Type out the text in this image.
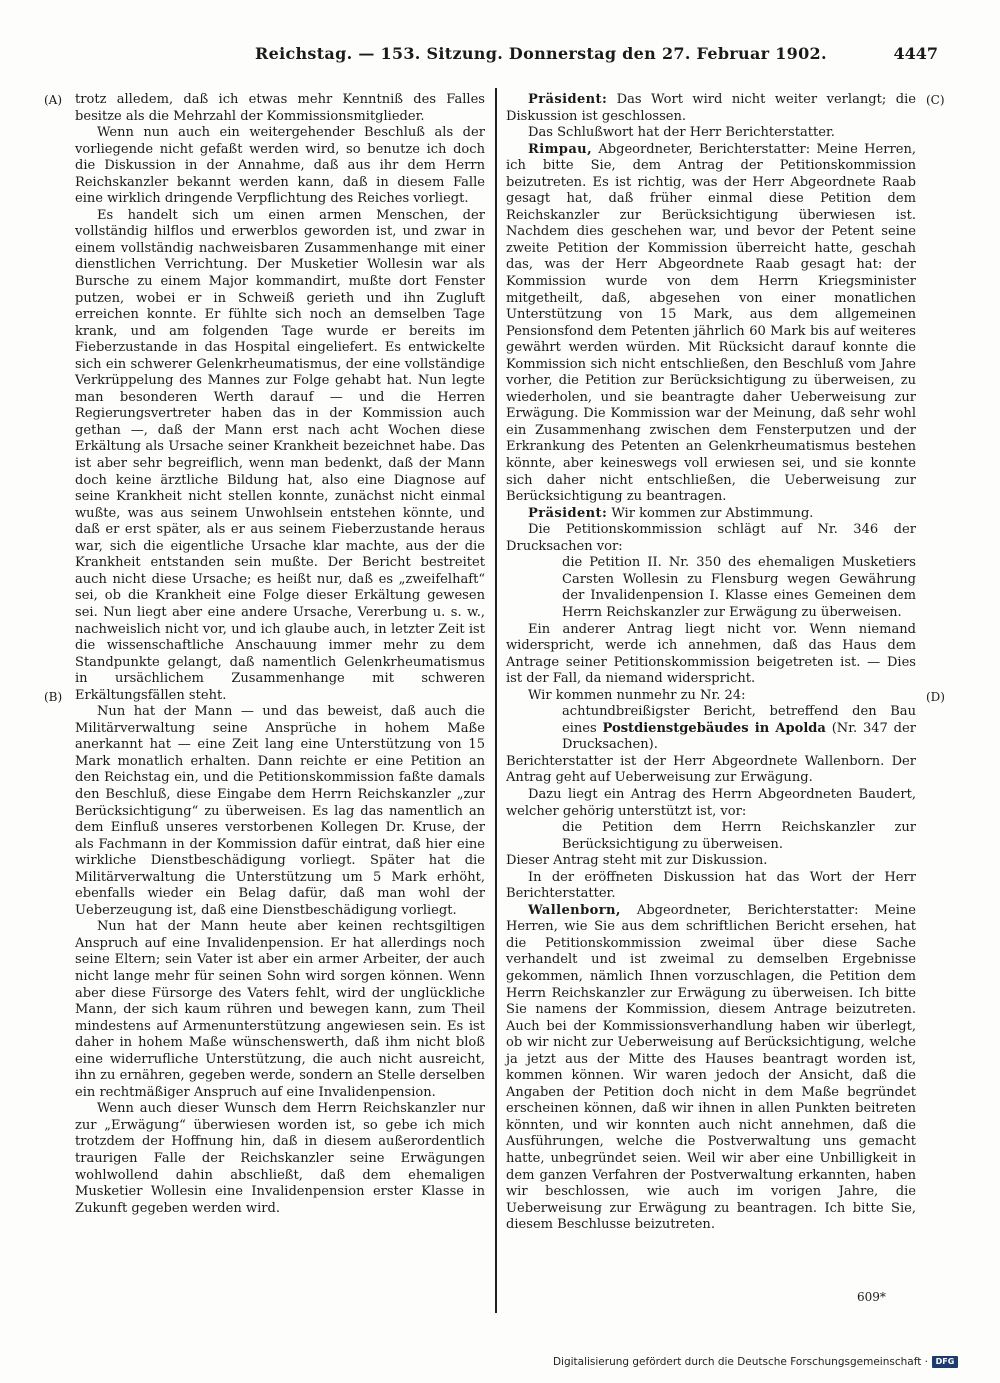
Reichstag. — 153. Sitzung. Donnerstag den 27. Februar 1902.	4447
(A)
(B)
(C)
(D)

trotz alledem, daß ich etwas mehr Kenntniß des Falles besitze als die Mehrzahl der Kommissionsmitglieder.

Wenn nun auch ein weitergehender Beschluß als der vorliegende nicht gefaßt werden wird, so benutze ich doch die Diskussion in der Annahme, daß aus ihr dem Herrn Reichskanzler bekannt werden kann, daß in diesem Falle eine wirklich dringende Verpflichtung des Reiches vorliegt.

Es handelt sich um einen armen Menschen, der vollständig hilflos und erwerblos geworden ist, und zwar in einem vollständig nachweisbaren Zusammenhange mit einer dienstlichen Verrichtung. Der Musketier Wollesin war als Bursche zu einem Major kommandirt, mußte dort Fenster putzen, wobei er in Schweiß gerieth und ihn Zugluft erreichen konnte. Er fühlte sich noch an demselben Tage krank, und am folgenden Tage wurde er bereits im Fieberzustande in das Hospital eingeliefert. Es entwickelte sich ein schwerer Gelenkrheumatismus, der eine vollständige Verkrüppelung des Mannes zur Folge gehabt hat. Nun legte man besonderen Werth darauf — und die Herren Regierungsvertreter haben das in der Kommission auch gethan —, daß der Mann erst nach acht Wochen diese Erkältung als Ursache seiner Krankheit bezeichnet habe. Das ist aber sehr begreiflich, wenn man bedenkt, daß der Mann doch keine ärztliche Bildung hat, also eine Diagnose auf seine Krankheit nicht stellen konnte, zunächst nicht einmal wußte, was aus seinem Unwohlsein entstehen könnte, und daß er erst später, als er aus seinem Fieberzustande heraus war, sich die eigentliche Ursache klar machte, aus der die Krankheit entstanden sein mußte. Der Bericht bestreitet auch nicht diese Ursache; es heißt nur, daß es „zweifelhaft“ sei, ob die Krankheit eine Folge dieser Erkältung gewesen sei. Nun liegt aber eine andere Ursache, Vererbung u. s. w., nachweislich nicht vor, und ich glaube auch, in letzter Zeit ist die wissenschaftliche Anschauung immer mehr zu dem Standpunkte gelangt, daß namentlich Gelenkrheumatismus in ursächlichem Zusammenhange mit schweren Erkältungsfällen steht.

Nun hat der Mann — und das beweist, daß auch die Militärverwaltung seine Ansprüche in hohem Maße anerkannt hat — eine Zeit lang eine Unterstützung von 15 Mark monatlich erhalten. Dann reichte er eine Petition an den Reichstag ein, und die Petitionskommission faßte damals den Beschluß, diese Eingabe dem Herrn Reichskanzler „zur Berücksichtigung“ zu überweisen. Es lag das namentlich an dem Einfluß unseres verstorbenen Kollegen Dr. Kruse, der als Fachmann in der Kommission dafür eintrat, daß hier eine wirkliche Dienstbeschädigung vorliegt. Später hat die Militärverwaltung die Unterstützung um 5 Mark erhöht, ebenfalls wieder ein Belag dafür, daß man wohl der Ueberzeugung ist, daß eine Dienstbeschädigung vorliegt.

Nun hat der Mann heute aber keinen rechtsgiltigen Anspruch auf eine Invalidenpension. Er hat allerdings noch seine Eltern; sein Vater ist aber ein armer Arbeiter, der auch nicht lange mehr für seinen Sohn wird sorgen können. Wenn aber diese Fürsorge des Vaters fehlt, wird der unglückliche Mann, der sich kaum rühren und bewegen kann, zum Theil mindestens auf Armenunterstützung angewiesen sein. Es ist daher in hohem Maße wünschenswerth, daß ihm nicht bloß eine widerrufliche Unterstützung, die auch nicht ausreicht, ihn zu ernähren, gegeben werde, sondern an Stelle derselben ein rechtmäßiger Anspruch auf eine Invalidenpension.

Wenn auch dieser Wunsch dem Herrn Reichskanzler nur zur „Erwägung“ überwiesen worden ist, so gebe ich mich trotzdem der Hoffnung hin, daß in diesem außerordentlich traurigen Falle der Reichskanzler seine Erwägungen wohlwollend dahin abschließt, daß dem ehemaligen Musketier Wollesin eine Invalidenpension erster Klasse in Zukunft gegeben werden wird.

Präsident: Das Wort wird nicht weiter verlangt; die Diskussion ist geschlossen.

Das Schlußwort hat der Herr Berichterstatter.

Rimpau, Abgeordneter, Berichterstatter: Meine Herren, ich bitte Sie, dem Antrag der Petitionskommission beizutreten. Es ist richtig, was der Herr Abgeordnete Raab gesagt hat, daß früher einmal diese Petition dem Reichskanzler zur Berücksichtigung überwiesen ist. Nachdem dies geschehen war, und bevor der Petent seine zweite Petition der Kommission überreicht hatte, geschah das, was der Herr Abgeordnete Raab gesagt hat: der Kommission wurde von dem Herrn Kriegsminister mitgetheilt, daß, abgesehen von einer monatlichen Unterstützung von 15 Mark, aus dem allgemeinen Pensionsfond dem Petenten jährlich 60 Mark bis auf weiteres gewährt werden würden. Mit Rücksicht darauf konnte die Kommission sich nicht entschließen, den Beschluß vom Jahre vorher, die Petition zur Berücksichtigung zu überweisen, zu wiederholen, und sie beantragte daher Ueberweisung zur Erwägung. Die Kommission war der Meinung, daß sehr wohl ein Zusammenhang zwischen dem Fensterputzen und der Erkrankung des Petenten an Gelenkrheumatismus bestehen könnte, aber keineswegs voll erwiesen sei, und sie konnte sich daher nicht entschließen, die Ueberweisung zur Berücksichtigung zu beantragen.

Präsident: Wir kommen zur Abstimmung.

Die Petitionskommission schlägt auf Nr. 346 der Drucksachen vor:

die Petition II. Nr. 350 des ehemaligen Musketiers Carsten Wollesin zu Flensburg wegen Gewährung der Invalidenpension I. Klasse eines Gemeinen dem Herrn Reichskanzler zur Erwägung zu überweisen.

Ein anderer Antrag liegt nicht vor. Wenn niemand widerspricht, werde ich annehmen, daß das Haus dem Antrage seiner Petitionskommission beigetreten ist. — Dies ist der Fall, da niemand widerspricht.

Wir kommen nunmehr zu Nr. 24:

achtundbreißigster Bericht, betreffend den Bau eines Postdienstgebäudes in Apolda (Nr. 347 der Drucksachen).

Berichterstatter ist der Herr Abgeordnete Wallenborn. Der Antrag geht auf Ueberweisung zur Erwägung.

Dazu liegt ein Antrag des Herrn Abgeordneten Baudert, welcher gehörig unterstützt ist, vor:

die Petition dem Herrn Reichskanzler zur Berücksichtigung zu überweisen.

Dieser Antrag steht mit zur Diskussion.

In der eröffneten Diskussion hat das Wort der Herr Berichterstatter.

Wallenborn, Abgeordneter, Berichterstatter: Meine Herren, wie Sie aus dem schriftlichen Bericht ersehen, hat die Petitionskommission zweimal über diese Sache verhandelt und ist zweimal zu demselben Ergebnisse gekommen, nämlich Ihnen vorzuschlagen, die Petition dem Herrn Reichskanzler zur Erwägung zu überweisen. Ich bitte Sie namens der Kommission, diesem Antrage beizutreten. Auch bei der Kommissionsverhandlung haben wir überlegt, ob wir nicht zur Ueberweisung auf Berücksichtigung, welche ja jetzt aus der Mitte des Hauses beantragt worden ist, kommen können. Wir waren jedoch der Ansicht, daß die Angaben der Petition doch nicht in dem Maße begründet erscheinen können, daß wir ihnen in allen Punkten beitreten könnten, und wir konnten auch nicht annehmen, daß die Ausführungen, welche die Postverwaltung uns gemacht hatte, unbegründet seien. Weil wir aber eine Unbilligkeit in dem ganzen Verfahren der Postverwaltung erkannten, haben wir beschlossen, wie auch im vorigen Jahre, die Ueberweisung zur Erwägung zu beantragen. Ich bitte Sie, diesem Beschlusse beizutreten.

609*
Digitalisierung gefördert durch die Deutsche Forschungsgemeinschaft · DFG
